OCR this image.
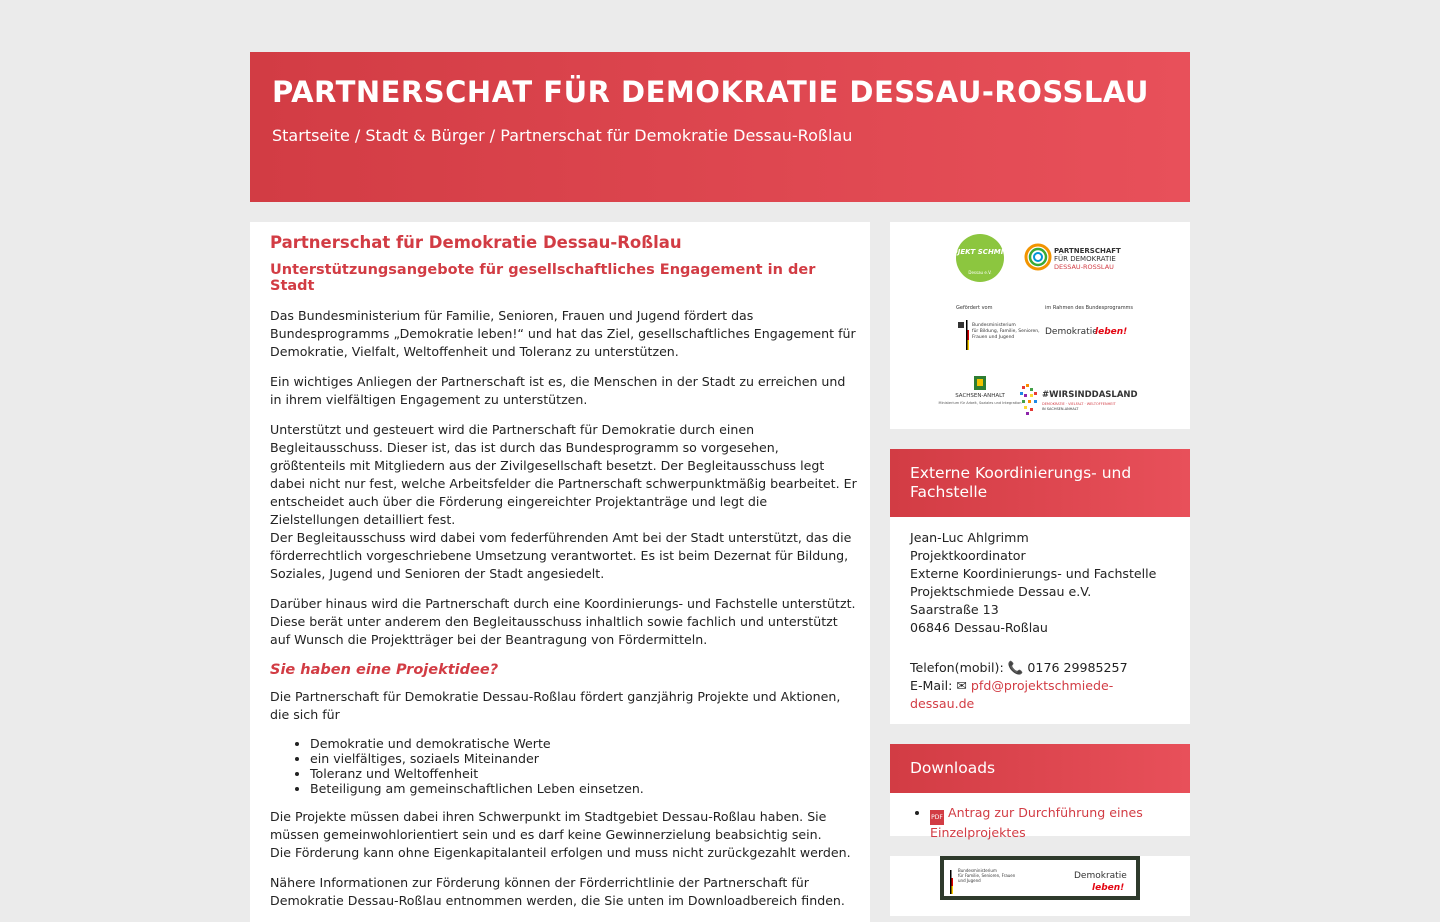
PARTNERSCHAT FÜR DEMOKRATIE DESSAU-ROSSLAU
Startseite / Stadt & Bürger / Partnerschat für Demokratie Dessau-Roßlau
Partnerschat für Demokratie Dessau-Roßlau
Unterstützungsangebote für gesellschaftliches Engagement in der Stadt

Das Bundesministerium für Familie, Senioren, Frauen und Jugend fördert das Bundesprogramms „Demokratie leben!“ und hat das Ziel, gesellschaftliches Engagement für Demokratie, Vielfalt, Weltoffenheit und Toleranz zu unterstützen.

Ein wichtiges Anliegen der Partnerschaft ist es, die Menschen in der Stadt zu erreichen und in ihrem vielfältigen Engagement zu unterstützen.

Unterstützt und gesteuert wird die Partnerschaft für Demokratie durch einen Begleitausschuss. Dieser ist, das ist durch das Bundesprogramm so vorgesehen, größtenteils mit Mitgliedern aus der Zivilgesellschaft besetzt. Der Begleitausschuss legt dabei nicht nur fest, welche Arbeitsfelder die Partnerschaft schwerpunktmäßig bearbeitet. Er entscheidet auch über die Förderung eingereichter Projektanträge und legt die Zielstellungen detailliert fest.
Der Begleitausschuss wird dabei vom federführenden Amt bei der Stadt unterstützt, das die förderrechtlich vorgeschriebene Umsetzung verantwortet. Es ist beim Dezernat für Bildung, Soziales, Jugend und Senioren der Stadt angesiedelt.

Darüber hinaus wird die Partnerschaft durch eine Koordinierungs- und Fachstelle unterstützt. Diese berät unter anderem den Begleitausschuss inhaltlich sowie fachlich und unterstützt auf Wunsch die Projektträger bei der Beantragung von Fördermitteln.

Sie haben eine Projektidee?

Die Partnerschaft für Demokratie Dessau-Roßlau fördert ganzjährig Projekte und Aktionen, die sich für

• Demokratie und demokratische Werte
• ein vielfältiges, soziaels Miteinander
• Toleranz und Weltoffenheit
• Beteiligung am gemeinschaftlichen Leben einsetzen.

Die Projekte müssen dabei ihren Schwerpunkt im Stadtgebiet Dessau-Roßlau haben. Sie müssen gemeinwohlorientiert sein und es darf keine Gewinnerzielung beabsichtig sein.
Die Förderung kann ohne Eigenkapitalanteil erfolgen und muss nicht zurückgezahlt werden.

Nähere Informationen zur Förderung können der Förderrichtlinie der Partnerschaft für Demokratie Dessau-Roßlau entnommen werden, die Sie unten im Downloadbereich finden.

PROJEKT SCHMIEDE
Dessau e.V.
PARTNERSCHAFT
FÜR DEMOKRATIE
DESSAU-ROSSLAU
Gefördert vom
Bundesministerium
für Bildung, Familie, Senioren,
Frauen und Jugend
im Rahmen des Bundesprogramms
Demokratie
leben!
SACHSEN-ANHALT
Ministerium für Arbeit, Soziales und Integration
#WIRSINDDASLAND
DEMOKRATIE · VIELFALT · WELTOFFENHEIT
IN SACHSEN-ANHALT
Externe Koordinierungs- und Fachstelle
Jean-Luc Ahlgrimm
Projektkoordinator
Externe Koordinierungs- und Fachstelle
Projektschmiede Dessau e.V.
Saarstraße 13
06846 Dessau-Roßlau
Telefon(mobil): 📞 0176 29985257
E-Mail: ✉ pfd@projektschmiede-dessau.de
Downloads
• PDF Antrag zur Durchführung eines Einzelprojektes
Bundesministerium
für Familie, Senioren, Frauen
und Jugend	Demokratie
leben!
